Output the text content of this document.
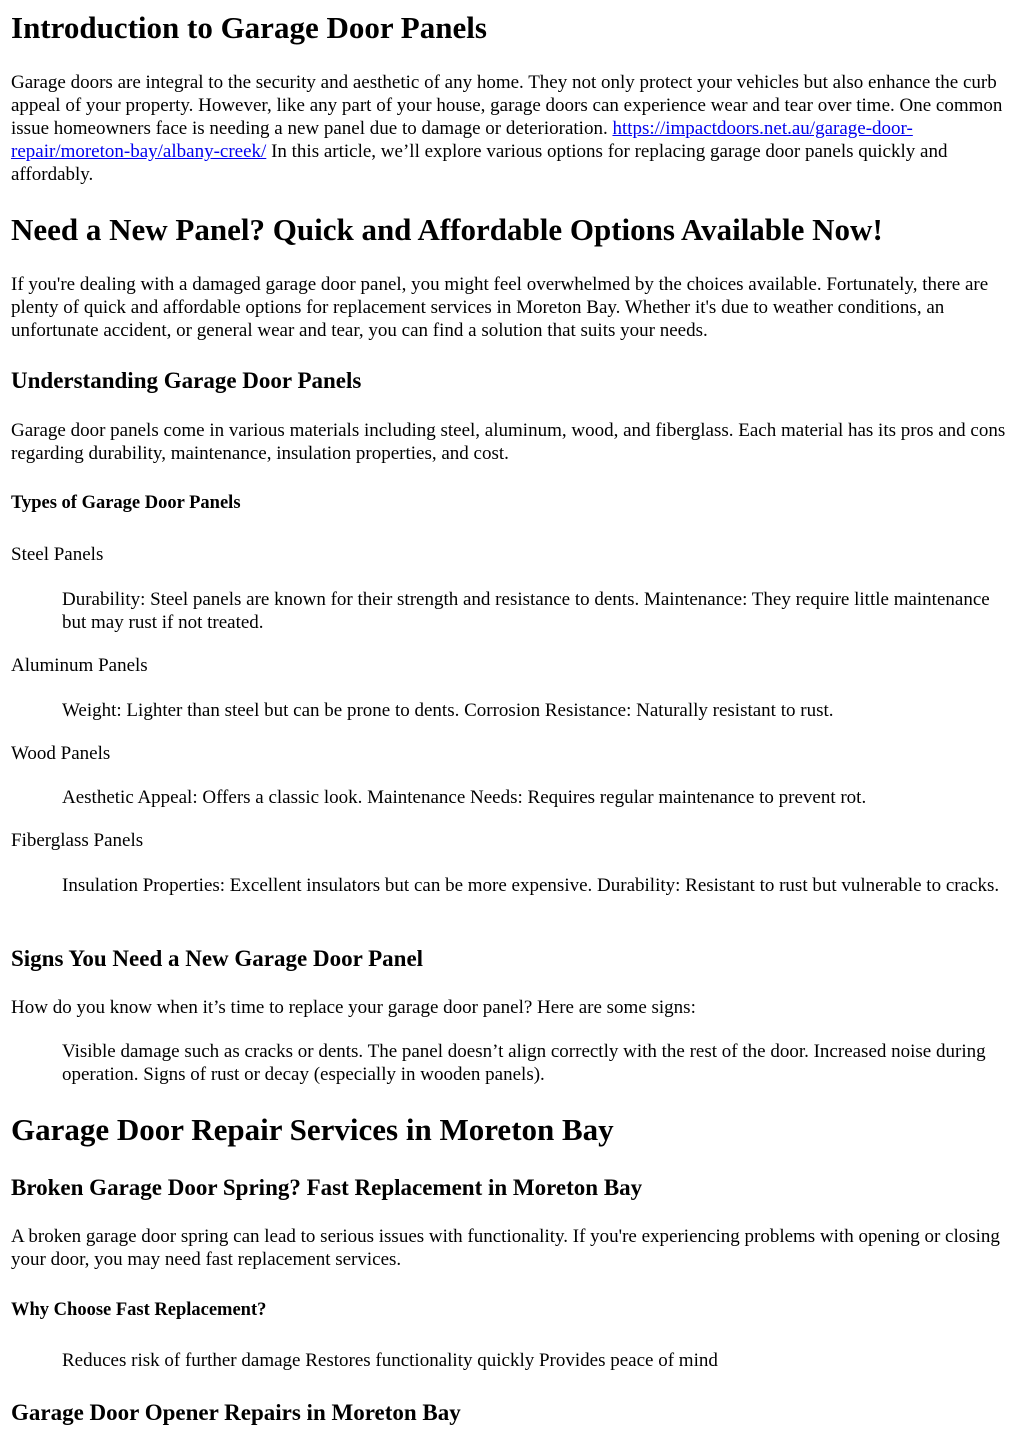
Introduction to Garage Door Panels
Garage doors are integral to the security and aesthetic of any home. They not only protect your vehicles but also enhance the curb appeal of your property. However, like any part of your house, garage doors can experience wear and tear over time. One common issue homeowners face is needing a new panel due to damage or deterioration. https://impactdoors.net.au/garage-door-repair/moreton-bay/albany-creek/ In this article, we’ll explore various options for replacing garage door panels quickly and affordably.
Need a New Panel? Quick and Affordable Options Available Now!
If you're dealing with a damaged garage door panel, you might feel overwhelmed by the choices available. Fortunately, there are plenty of quick and affordable options for replacement services in Moreton Bay. Whether it's due to weather conditions, an unfortunate accident, or general wear and tear, you can find a solution that suits your needs.
Understanding Garage Door Panels
Garage door panels come in various materials including steel, aluminum, wood, and fiberglass. Each material has its pros and cons regarding durability, maintenance, insulation properties, and cost.
Types of Garage Door Panels
Steel Panels
Durability: Steel panels are known for their strength and resistance to dents. Maintenance: They require little maintenance but may rust if not treated.
Aluminum Panels
Weight: Lighter than steel but can be prone to dents. Corrosion Resistance: Naturally resistant to rust.
Wood Panels
Aesthetic Appeal: Offers a classic look. Maintenance Needs: Requires regular maintenance to prevent rot.
Fiberglass Panels
Insulation Properties: Excellent insulators but can be more expensive. Durability: Resistant to rust but vulnerable to cracks.
Signs You Need a New Garage Door Panel
How do you know when it’s time to replace your garage door panel? Here are some signs:
Visible damage such as cracks or dents. The panel doesn’t align correctly with the rest of the door. Increased noise during operation. Signs of rust or decay (especially in wooden panels).
Garage Door Repair Services in Moreton Bay
Broken Garage Door Spring? Fast Replacement in Moreton Bay
A broken garage door spring can lead to serious issues with functionality. If you're experiencing problems with opening or closing your door, you may need fast replacement services.
Why Choose Fast Replacement?
Reduces risk of further damage Restores functionality quickly Provides peace of mind
Garage Door Opener Repairs in Moreton Bay
